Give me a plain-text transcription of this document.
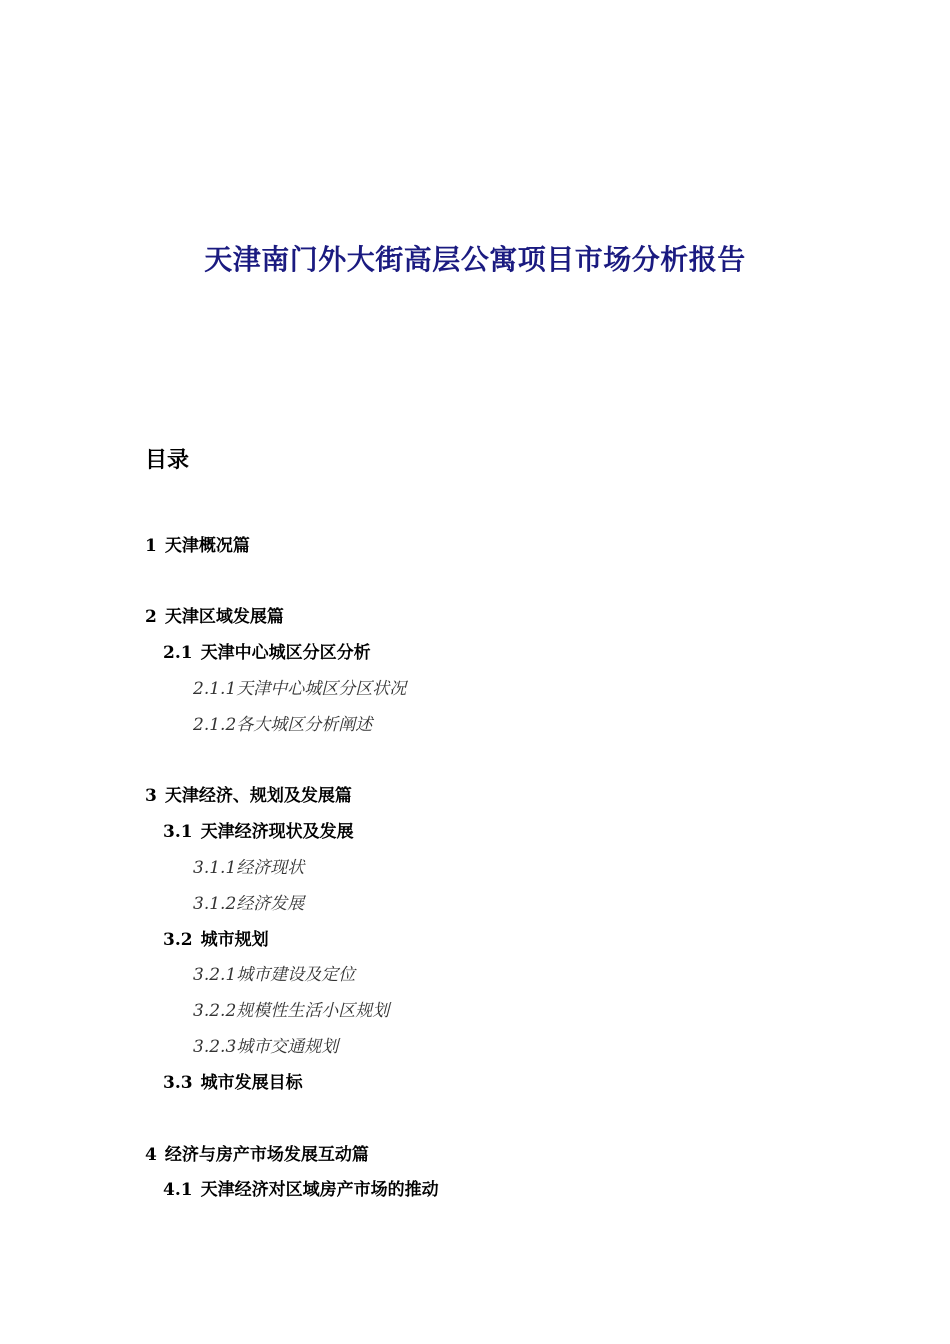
天津南门外大街高层公寓项目市场分析报告
目录
1 天津概况篇
2 天津区域发展篇
2.1 天津中心城区分区分析
2.1.1天津中心城区分区状况
2.1.2各大城区分析阐述
3 天津经济、规划及发展篇
3.1 天津经济现状及发展
3.1.1经济现状
3.1.2经济发展
3.2 城市规划
3.2.1城市建设及定位
3.2.2规模性生活小区规划
3.2.3城市交通规划
3.3 城市发展目标
4 经济与房产市场发展互动篇
4.1 天津经济对区域房产市场的推动
